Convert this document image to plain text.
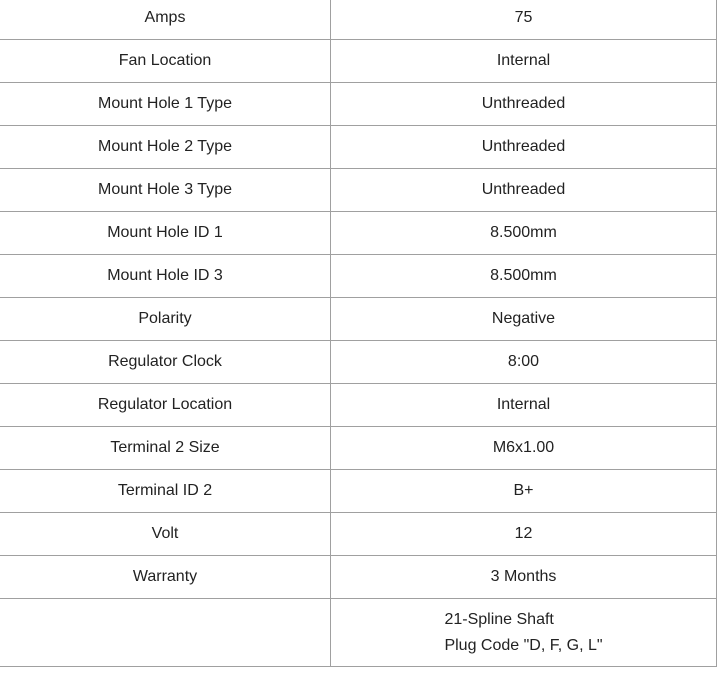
Amps	75
Fan Location	Internal
Mount Hole 1 Type	Unthreaded
Mount Hole 2 Type	Unthreaded
Mount Hole 3 Type	Unthreaded
Mount Hole ID 1	8.500mm
Mount Hole ID 3	8.500mm
Polarity	Negative
Regulator Clock	8:00
Regulator Location	Internal
Terminal 2 Size	M6x1.00
Terminal ID 2	B+
Volt	12
Warranty	3 Months

	21-Spline Shaft
Plug Code "D, F, G, L"
